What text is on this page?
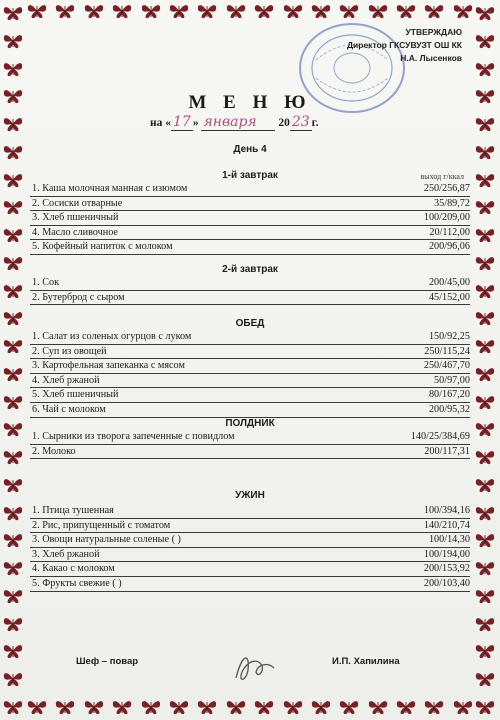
УТВЕРЖДАЮ
Директор ГКСУВУЗТ ОШ КК
Н.А. Лысенков
М Е Н Ю
на « 17 » января 20 23 г.
День 4
выход г/ккал
1-й завтрак
1. Каша молочная манная с изюмом	250/256,87
2. Сосиски отварные	35/89,72
3. Хлеб пшеничный	100/209,00
4. Масло сливочное	20/112,00
5. Кофейный напиток с молоком	200/96,06
2-й завтрак
1. Сок	200/45,00
2. Бутерброд с сыром	45/152,00
ОБЕД
1. Салат из соленых огурцов с луком	150/92,25
2. Суп из овощей	250/115,24
3. Картофельная запеканка с мясом	250/467,70
4. Хлеб ржаной	50/97,00
5. Хлеб пшеничный	80/167,20
6. Чай с молоком	200/95,32
ПОЛДНИК
1. Сырники из творога запеченные с повидлом	140/25/384,69
2. Молоко	200/117,31
УЖИН
1. Птица тушенная	100/394,16
2. Рис, припущенный с томатом	140/210,74
3. Овощи натуральные соленые ( )	100/14,30
3. Хлеб ржаной	100/194,00
4. Какао с молоком	200/153,92
5. Фрукты свежие ( )	200/103,40
Шеф – повар	И.П. Хапилина
